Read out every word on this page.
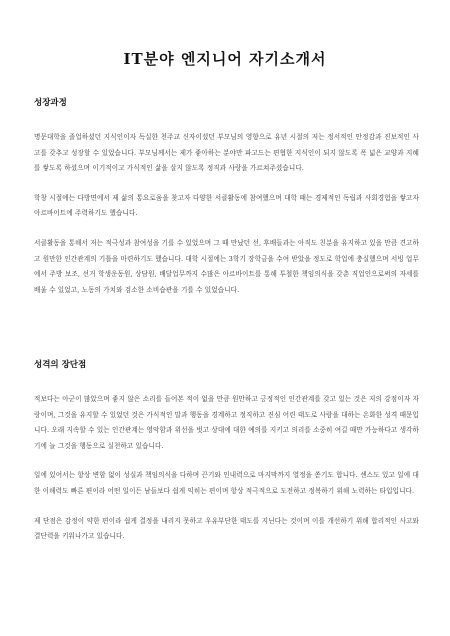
IT분야 엔지니어 자기소개서
성장과정

명문대학을 졸업하셨던 지식인이자 독실한 천주교 신자이셨던 부모님의 영향으로 유년 시절의 저는 정서적인 안정감과 진보적인 사고를 갖추고 성장할 수 있었습니다. 부모님께서는 제가 좋아하는 분야만 파고드는 편협한 지식인이 되지 않도록 폭 넓은 교양과 지혜를 쌓도록 하셨으며 이기적이고 가식적인 삶을 살지 않도록 정직과 사랑을 가르쳐주셨습니다.

학창 시절에는 다방면에서 제 삶의 통요로움을 찾고자 다양한 서클활동에 참여했으며 대학 때는 경제적인 독립과 사회경험을 쌓고자 아르바이트에 주력하기도 했습니다.

서클활동을 통해서 저는 적극성과 참여성을 기를 수 있었으며 그 때 만났던 선, 후배들과는 아직도 친분을 유지하고 있을 만큼 견고하고 원만한 인간관계의 기틀을 마련하기도 했습니다. 대학 시절에는 3학기 장학금을 수여 받았을 정도로 학업에 충실했으며 서빙 업무에서 주방 보조, 선거 학생운동원, 상담원, 배달업무까지 수많은 아르바이트를 통해 투철한 책임의식을 갖춘 직업인으로써의 자세를 배울 수 있었고, 노동의 가치와 검소한 소비습관을 기를 수 있었습니다.

성격의 장단점

적보다는 아군이 많았으며 좋지 않은 소리를 들어본 적이 없을 만큼 원만하고 긍정적인 인간관계를 갖고 있는 것은 저의 강점이자 자랑이며, 그것을 유지할 수 있었던 것은 가식적인 말과 행동을 경계하고 정직하고 진심 어린 태도로 사람을 대하는 온화한 성격 때문입니다. 오래 지속할 수 있는 인간관계는 영악함과 위선을 벗고 상대에 대한 예의를 지키고 의리를 소중히 여길 때만 가능하다고 생각하기에 늘 그것을 행동으로 실천하고 있습니다.

일에 있어서는 항상 변함 없이 성실과 책임의식을 다하며 끈기와 인내력으로 마지막까지 열정을 쏟기도 합니다. 센스도 있고 일에 대한 이해력도 빠른 편이라 어떤 일이든 남들보다 쉽게 익히는 편이며 항상 적극적으로 도전하고 정복하기 위해 노력하는 타입입니다.

제 단점은 감정이 약한 편이라 쉽게 결정을 내리지 못하고 우유부단한 태도를 지닌다는 것이며 이를 개선하기 위해 합리적인 사고와 결단력을 키워나가고 있습니다.
